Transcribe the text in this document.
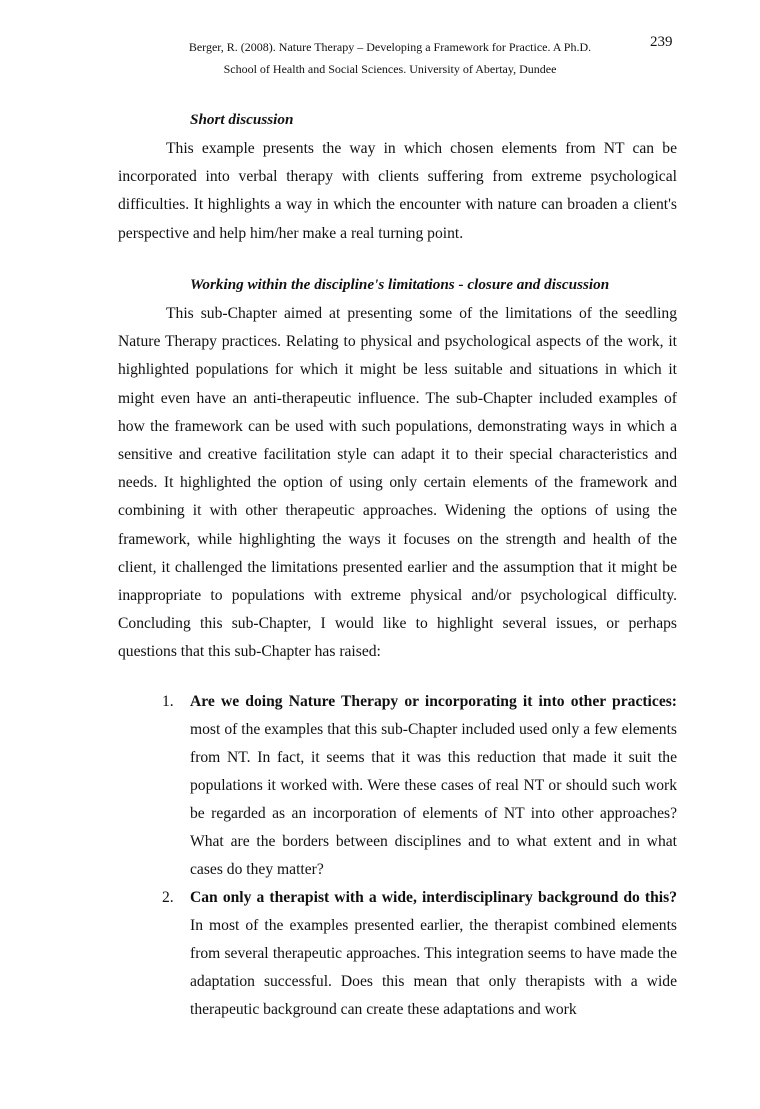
Berger, R. (2008). Nature Therapy – Developing a Framework for Practice. A Ph.D.
School of Health and Social Sciences. University of Abertay, Dundee
239
Short discussion

This example presents the way in which chosen elements from NT can be incorporated into verbal therapy with clients suffering from extreme psychological difficulties. It highlights a way in which the encounter with nature can broaden a client's perspective and help him/her make a real turning point.

Working within the discipline's limitations - closure and discussion

This sub-Chapter aimed at presenting some of the limitations of the seedling Nature Therapy practices. Relating to physical and psychological aspects of the work, it highlighted populations for which it might be less suitable and situations in which it might even have an anti-therapeutic influence. The sub-Chapter included examples of how the framework can be used with such populations, demonstrating ways in which a sensitive and creative facilitation style can adapt it to their special characteristics and needs. It highlighted the option of using only certain elements of the framework and combining it with other therapeutic approaches. Widening the options of using the framework, while highlighting the ways it focuses on the strength and health of the client, it challenged the limitations presented earlier and the assumption that it might be inappropriate to populations with extreme physical and/or psychological difficulty. Concluding this sub-Chapter, I would like to highlight several issues, or perhaps questions that this sub-Chapter has raised:

1. Are we doing Nature Therapy or incorporating it into other practices: most of the examples that this sub-Chapter included used only a few elements from NT. In fact, it seems that it was this reduction that made it suit the populations it worked with. Were these cases of real NT or should such work be regarded as an incorporation of elements of NT into other approaches? What are the borders between disciplines and to what extent and in what cases do they matter?
2. Can only a therapist with a wide, interdisciplinary background do this? In most of the examples presented earlier, the therapist combined elements from several therapeutic approaches. This integration seems to have made the adaptation successful. Does this mean that only therapists with a wide therapeutic background can create these adaptations and work
